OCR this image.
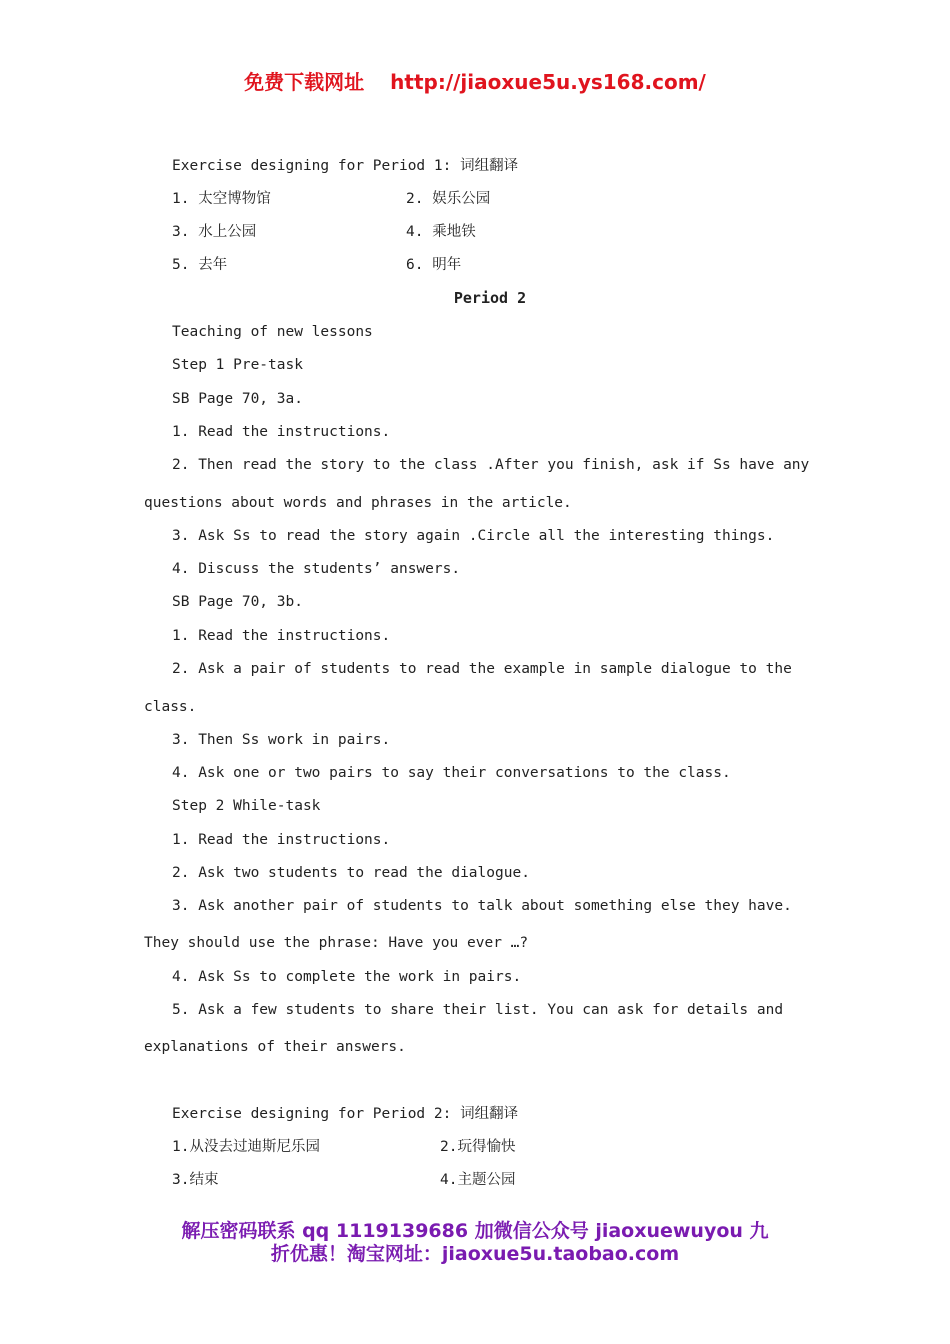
免费下载网址 http://jiaoxue5u.ys168.com/
Exercise designing for Period 1: 词组翻译
1. 太空博物馆	2. 娱乐公园
3. 水上公园	4. 乘地铁
5. 去年	6. 明年
Period 2
Teaching of new lessons
Step 1 Pre-task
SB Page 70, 3a.
1. Read the instructions.
2. Then read the story to the class .After you finish, ask if Ss have any
questions about words and phrases in the article.
3. Ask Ss to read the story again .Circle all the interesting things.
4. Discuss the students’ answers.
SB Page 70, 3b.
1. Read the instructions.
2. Ask a pair of students to read the example in sample dialogue to the
class.
3. Then Ss work in pairs.
4. Ask one or two pairs to say their conversations to the class.
Step 2 While-task
1. Read the instructions.
2. Ask two students to read the dialogue.
3. Ask another pair of students to talk about something else they have.
They should use the phrase: Have you ever …?
4. Ask Ss to complete the work in pairs.
5. Ask a few students to share their list. You can ask for details and
explanations of their answers.
Exercise designing for Period 2: 词组翻译
1.从没去过迪斯尼乐园	2.玩得愉快
3.结束	4.主题公园
解压密码联系 qq 1119139686 加微信公众号 jiaoxuewuyou 九
折优惠！淘宝网址：jiaoxue5u.taobao.com
